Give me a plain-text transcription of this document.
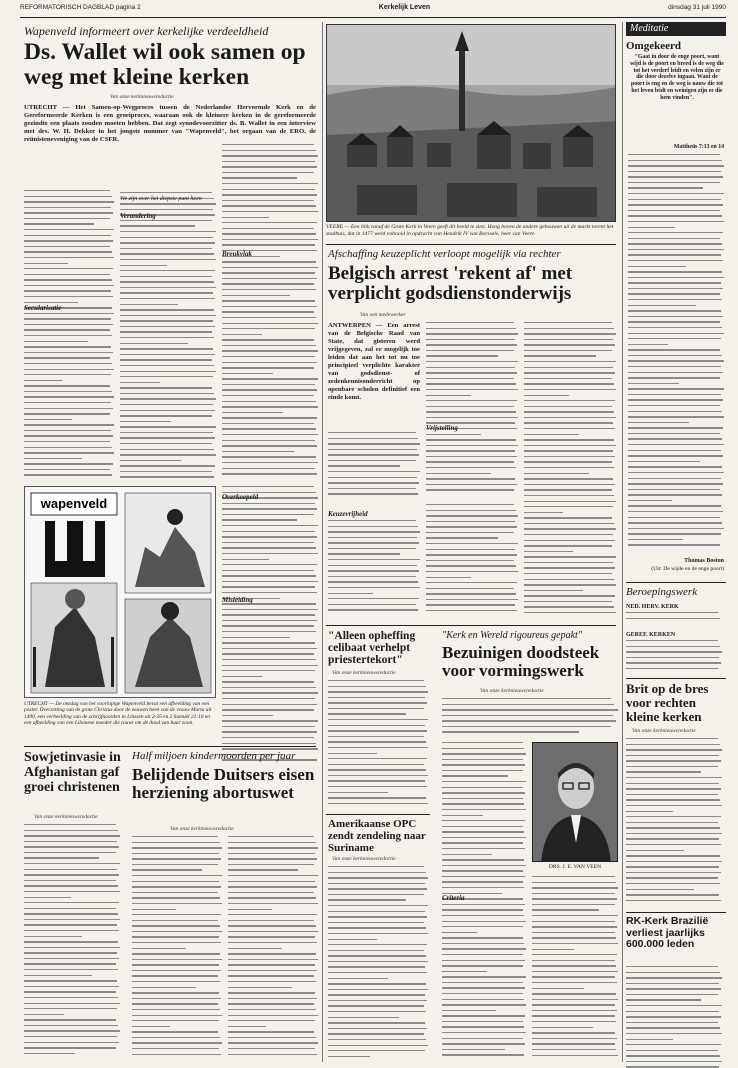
REFORMATORISCH DAGBLAD pagina 2	Kerkelijk Leven	dinsdag 31 juli 1990
Wapenveld informeert over kerkelijke verdeeldheid
Ds. Wallet wil ook samen op weg met kleine kerken
Van onze kerknieuwsredactie
UTRECHT — Het Samen-op-Wegproces tussen de Nederlandse Hervormde Kerk en de Gereformeerde Kerken is een groeiproces, waaraan ook de kleinere kerken in de gereformeerde gezindte een plaats zouden moeten hebben. Dat zegt synodevoorzitter ds. B. Wallet in een interview met drs. W. H. Dekker in het jongste nummer van "Wapenveld", het orgaan van de ERO, de reünisteneveniging van de CSFR.
Secularisatie
We zijn over het diepste punt heen
Verandering
Breukvlak
Overkoepeld
Misleiding
wapenveld
UTRECHT — De omslag van het voorlopige Wapenveld bevat een afbeelding van een poster. Overzetting van de grote Christus door de eeuwen heen van de vrouw Marta uit 1490, een verbeelding van de schrijfnoorden in Linssen uit 2-35 en 2 Samuël 21:10 en een afbeelding van een Libanese moeder die rouwt om de dood van haar zoon.
VEERE — Een blik vanaf de Grote Kerk in Veere geeft dit beeld te zien. Hoog boven de andere gebouwen uit de markt torent het stadhuis, dat in 1477 werd voltooid in opdracht van Hendrik IV van Borssele, heer van Veere.
Afschaffing keuzeplicht verloopt mogelijk via rechter
Belgisch arrest 'rekent af' met verplicht godsdienstonderwijs
Van een medewerker
ANTWERPEN — Een arrest van de Belgische Raad van State, dat gisteren werd vrijgegeven, zal er mogelijk toe leiden dat aan het tot nu toe principieel verplichte karakter van godsdienst- of zedenkennisonderricht op openbare scholen definitief een einde komt.
Vrijstelling
Keuzevrijheid
"Alleen opheffing celibaat verhelpt priestertekort"
Van onze kerknieuwsredactie
Amerikaanse OPC zendt zendeling naar Suriname
Van onze kerknieuwsredactie
"Kerk en Wereld rigoureus gepakt"
Bezuinigen doodsteek voor vormingswerk
Van onze kerknieuwsredactie
Criteria
DRS. J. E. VAN VEEN
Sowjetinvasie in Afghanistan gaf groei christenen
Van onze kerknieuwsredactie
Half miljoen kindermoorden per jaar
Belijdende Duitsers eisen herziening abortuswet
Van onze kerknieuwsredactie
Meditatie
Omgekeerd
"Gaat in door de enge poort, want wijd is de poort en breed is de weg die tot het verderf leidt en velen zijn er die door dezelve ingaan. Want de poort is eng en de weg is nauw die tot het leven leidt en weinigen zijn er die hem vinden".
Mattheüs 7:13 en 14
Thomas Boston
(Uit: De wijde en de enge poort)
Beroepingswerk
NED. HERV. KERK
GEREF. KERKEN
Brit op de bres voor rechten kleine kerken
Van onze kerknieuwsredactie
RK-Kerk Brazilië verliest jaarlijks 600.000 leden
